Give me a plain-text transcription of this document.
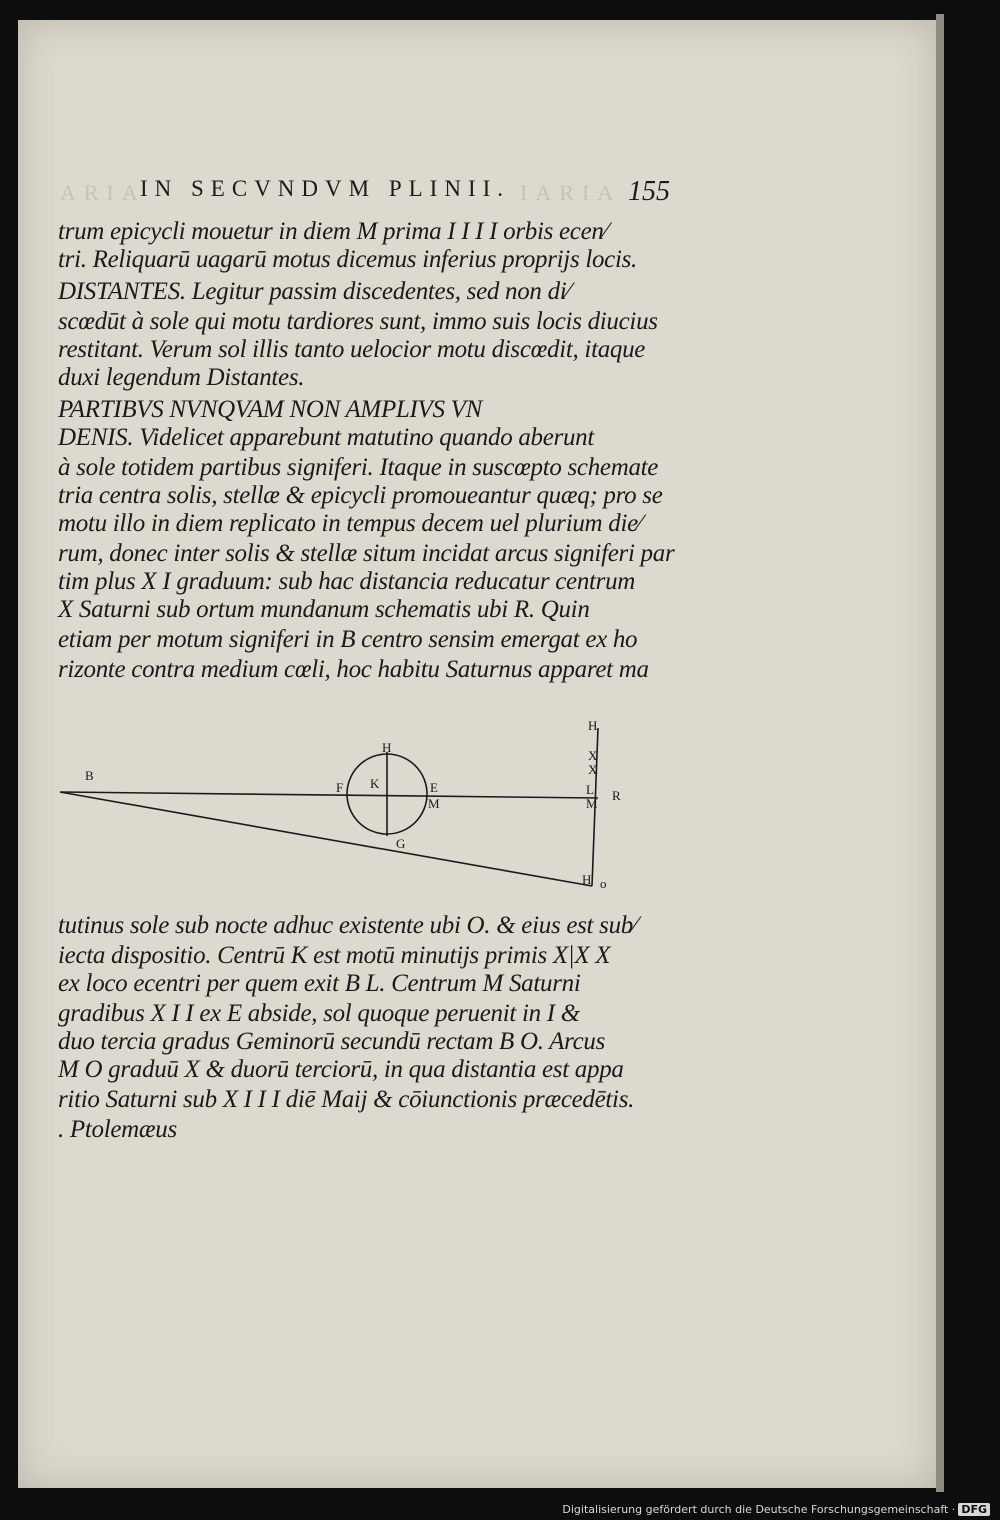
ARIA	IARIA
IN SECVNDVM PLINII.	155
trum epicycli mouetur in diem M prima I I I I orbis ecen⁄
tri. Reliquarū uagarū motus dicemus inferius proprijs locis.
DISTANTES. Legitur passim discedentes, sed non di⁄
scœdūt à sole qui motu tardiores sunt, immo suis locis diucius
restitant. Verum sol illis tanto uelocior motu discœdit, itaque
duxi legendum Distantes.
PARTIBVS NVNQVAM NON AMPLIVS VN
DENIS. Videlicet apparebunt matutino quando aberunt
à sole totidem partibus signiferi. Itaque in suscœpto schemate
tria centra solis, stellæ & epicycli promoueantur quæq; pro se
motu illo in diem replicato in tempus decem uel plurium die⁄
rum, donec inter solis & stellæ situm incidat arcus signiferi par
tim plus X I graduum: sub hac distancia reducatur centrum
X Saturni sub ortum mundanum schematis ubi R. Quin
etiam per motum signiferi in B centro sensim emergat ex ho
rizonte contra medium cœli, hoc habitu Saturnus apparet ma
B
H
K
F	E
M
G
H
X
X
L
M
R
H o
tutinus sole sub nocte adhuc existente ubi O. & eius est sub⁄
iecta dispositio. Centrū K est motū minutijs primis X|X X
ex loco ecentri per quem exit B L. Centrum M Saturni
gradibus X I I ex E abside, sol quoque peruenit in I &
duo tercia gradus Geminorū secundū rectam B O. Arcus
M O graduū X & duorū terciorū, in qua distantia est appa
ritio Saturni sub X I I I diē Maij & cōiunctionis præcedētis.
. Ptolemæus
Digitalisierung gefördert durch die Deutsche Forschungsgemeinschaft · DFG
